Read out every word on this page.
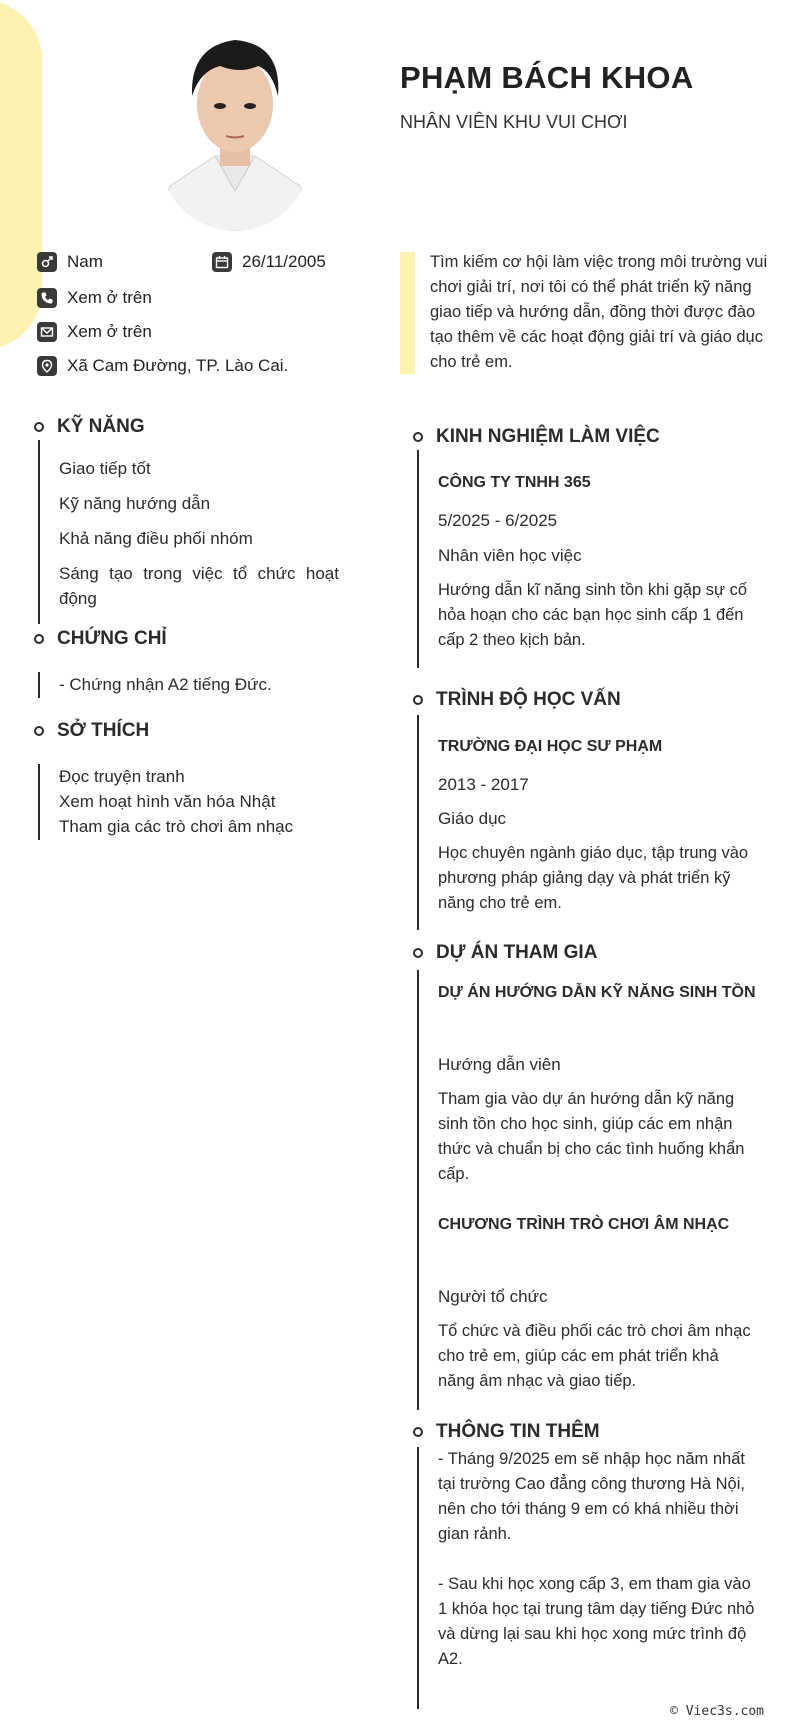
PHẠM BÁCH KHOA
NHÂN VIÊN KHU VUI CHƠI
Nam	26/11/2005
Xem ở trên
Xem ở trên
Xã Cam Đường, TP. Lào Cai.
Tìm kiếm cơ hội làm việc trong môi trường vui chơi giải trí, nơi tôi có thể phát triển kỹ năng giao tiếp và hướng dẫn, đồng thời được đào tạo thêm về các hoạt động giải trí và giáo dục cho trẻ em.
KỸ NĂNG
Giao tiếp tốt
Kỹ năng hướng dẫn
Khả năng điều phối nhóm
Sáng tạo trong việc tổ chức hoạt động
CHỨNG CHỈ
- Chứng nhận A2 tiếng Đức.
SỞ THÍCH
Đọc truyện tranh
Xem hoạt hình văn hóa Nhật
Tham gia các trò chơi âm nhạc
KINH NGHIỆM LÀM VIỆC
CÔNG TY TNHH 365
5/2025 - 6/2025
Nhân viên học việc
Hướng dẫn kĩ năng sinh tồn khi gặp sự cố hỏa hoạn cho các bạn học sinh cấp 1 đến cấp 2 theo kịch bản.
TRÌNH ĐỘ HỌC VẤN
TRƯỜNG ĐẠI HỌC SƯ PHẠM
2013 - 2017
Giáo dục
Học chuyên ngành giáo dục, tập trung vào phương pháp giảng dạy và phát triển kỹ năng cho trẻ em.
DỰ ÁN THAM GIA
DỰ ÁN HƯỚNG DẪN KỸ NĂNG SINH TỒN
Hướng dẫn viên
Tham gia vào dự án hướng dẫn kỹ năng sinh tồn cho học sinh, giúp các em nhận thức và chuẩn bị cho các tình huống khẩn cấp.
CHƯƠNG TRÌNH TRÒ CHƠI ÂM NHẠC
Người tổ chức
Tổ chức và điều phối các trò chơi âm nhạc cho trẻ em, giúp các em phát triển khả năng âm nhạc và giao tiếp.
THÔNG TIN THÊM
- Tháng 9/2025 em sẽ nhập học năm nhất tại trường Cao đẳng công thương Hà Nội, nên cho tới tháng 9 em có khá nhiều thời gian rảnh.
- Sau khi học xong cấp 3, em tham gia vào 1 khóa học tại trung tâm dạy tiếng Đức nhỏ và dừng lại sau khi học xong mức trình độ A2.
© Viec3s.com
